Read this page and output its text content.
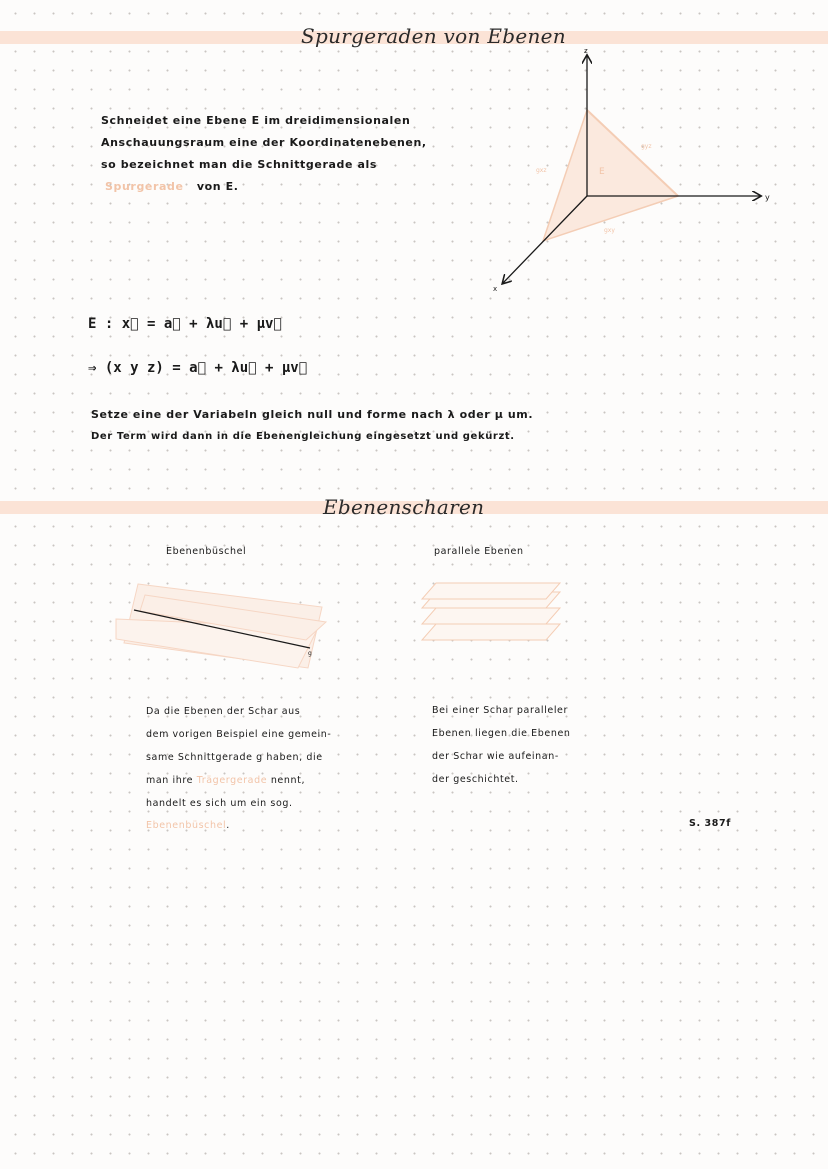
Spurgeraden von Ebenen
Schneidet eine Ebene E im dreidimensionalen
Anschauungsraum eine der Koordinatenebenen,
so bezeichnet man die Schnittgerade als
Spurgerade von E.
z
y
x
gxz
gyz
gxy
E
E : x⃗ = a⃗ + λu⃗ + μv⃗
⇒ (x y z) = a⃗ + λu⃗ + μv⃗
Setze eine der Variabeln gleich null und forme nach λ oder μ um.
Der Term wird dann in die Ebenengleichung eingesetzt und gekürzt.
Ebenenscharen
Ebenenbüschel
g
Da die Ebenen der Schar aus
dem vorigen Beispiel eine gemein-
same Schnittgerade g haben, die
man ihre Trägergerade nennt,
handelt es sich um ein sog.
Ebenenbüschel.
parallele Ebenen
Bei einer Schar paralleler
Ebenen liegen die Ebenen
der Schar wie aufeinan-
der geschichtet.
S. 387f
